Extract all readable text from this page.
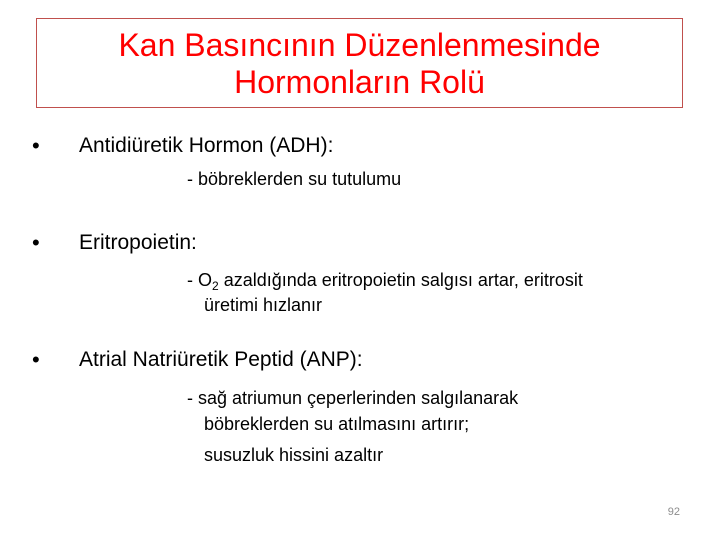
Kan Basıncının Düzenlenmesinde
Hormonların Rolü
•	Antidiüretik Hormon (ADH):
- böbreklerden su tutulumu
•	Eritropoietin:
- $O_2$ azaldığında eritropoietin salgısı artar, eritrosit
üretimi hızlanır
•	Atrial Natriüretik Peptid (ANP):
- sağ atriumun çeperlerinden salgılanarak
böbreklerden su atılmasını artırır;
susuzluk hissini azaltır
92
